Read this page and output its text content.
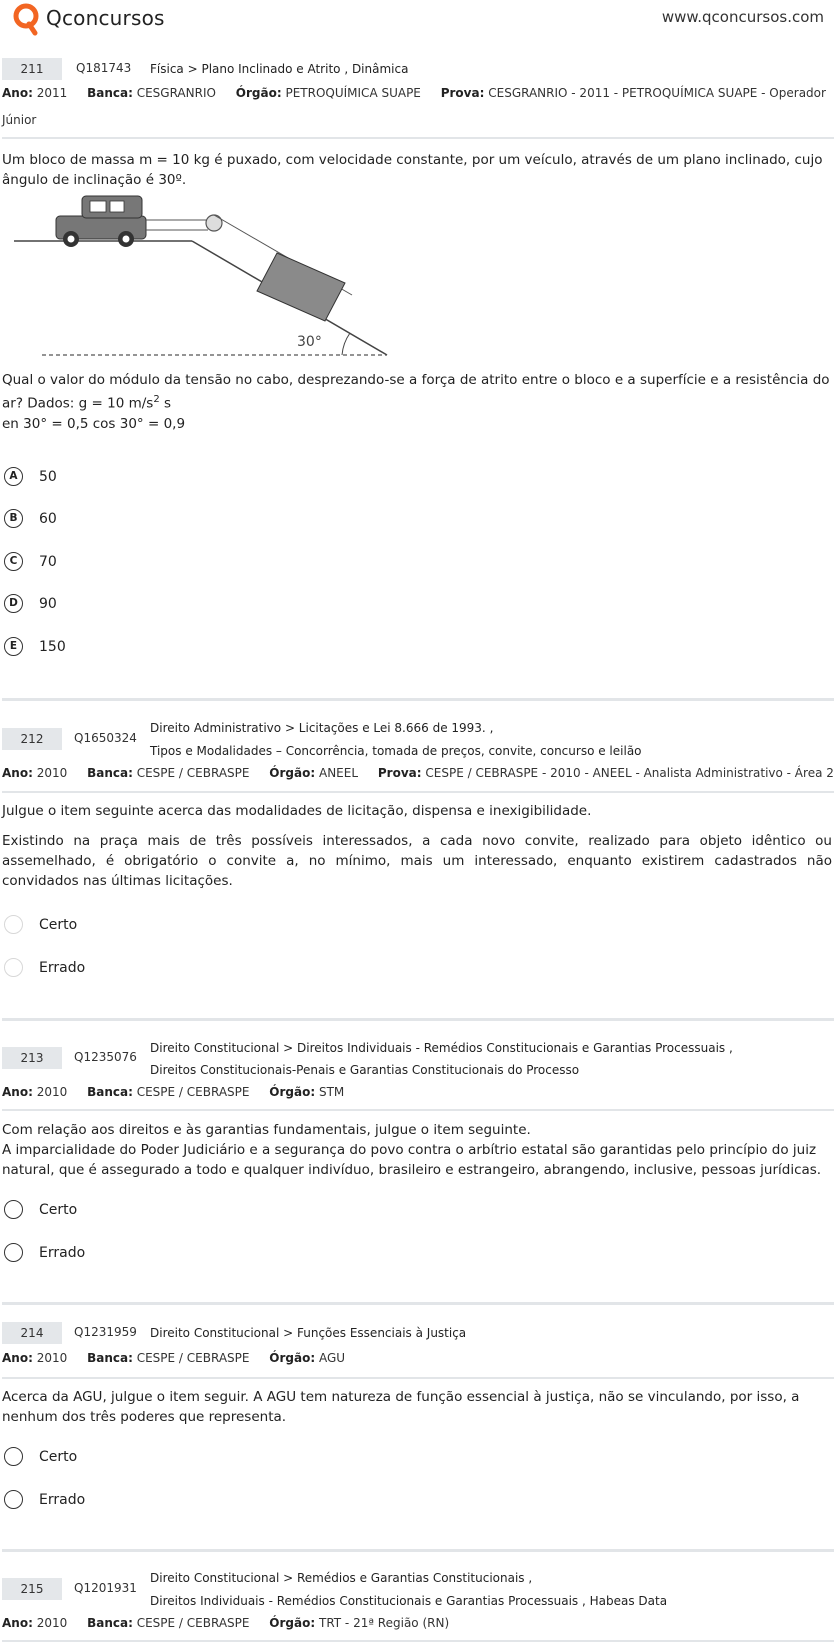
Qconcursos	www.qconcursos.com
211	Q181743 Física > Plano Inclinado e Atrito , Dinâmica
Ano: 2011 Banca: CESGRANRIO Órgão: PETROQUÍMICA SUAPE Prova: CESGRANRIO - 2011 - PETROQUÍMICA SUAPE - Operador
Júnior
Um bloco de massa m = 10 kg é puxado, com velocidade constante, por um veículo, através de um plano inclinado, cujo ângulo de inclinação é 30º.
30°
Qual o valor do módulo da tensão no cabo, desprezando-se a força de atrito entre o bloco e a superfície e a resistência do
ar? Dados: g = 10 $m/s^2$ s
en 30° = 0,5 cos 30° = 0,9
A	50
B	60
C	70
D	90
E	150
212	Q1650324
Direito Administrativo > Licitações e Lei 8.666 de 1993. ,
Tipos e Modalidades – Concorrência, tomada de preços, convite, concurso e leilão
Ano: 2010 Banca: CESPE / CEBRASPE Órgão: ANEEL Prova: CESPE / CEBRASPE - 2010 - ANEEL - Analista Administrativo - Área 2
Julgue o item seguinte acerca das modalidades de licitação, dispensa e inexigibilidade.
Existindo na praça mais de três possíveis interessados, a cada novo convite, realizado para objeto idêntico ou assemelhado, é obrigatório o convite a, no mínimo, mais um interessado, enquanto existirem cadastrados não convidados nas últimas licitações.
Certo
Errado
213	Q1235076
Direito Constitucional > Direitos Individuais - Remédios Constitucionais e Garantias Processuais ,
Direitos Constitucionais-Penais e Garantias Constitucionais do Processo
Ano: 2010 Banca: CESPE / CEBRASPE Órgão: STM
Com relação aos direitos e às garantias fundamentais, julgue o item seguinte.
A imparcialidade do Poder Judiciário e a segurança do povo contra o arbítrio estatal são garantidas pelo princípio do juiz natural, que é assegurado a todo e qualquer indivíduo, brasileiro e estrangeiro, abrangendo, inclusive, pessoas jurídicas.
Certo
Errado
214	Q1231959 Direito Constitucional > Funções Essenciais à Justiça
Ano: 2010 Banca: CESPE / CEBRASPE Órgão: AGU
Acerca da AGU, julgue o item seguir. A AGU tem natureza de função essencial à justiça, não se vinculando, por isso, a nenhum dos três poderes que representa.
Certo
Errado
215	Q1201931
Direito Constitucional > Remédios e Garantias Constitucionais ,
Direitos Individuais - Remédios Constitucionais e Garantias Processuais , Habeas Data
Ano: 2010 Banca: CESPE / CEBRASPE Órgão: TRT - 21ª Região (RN)
